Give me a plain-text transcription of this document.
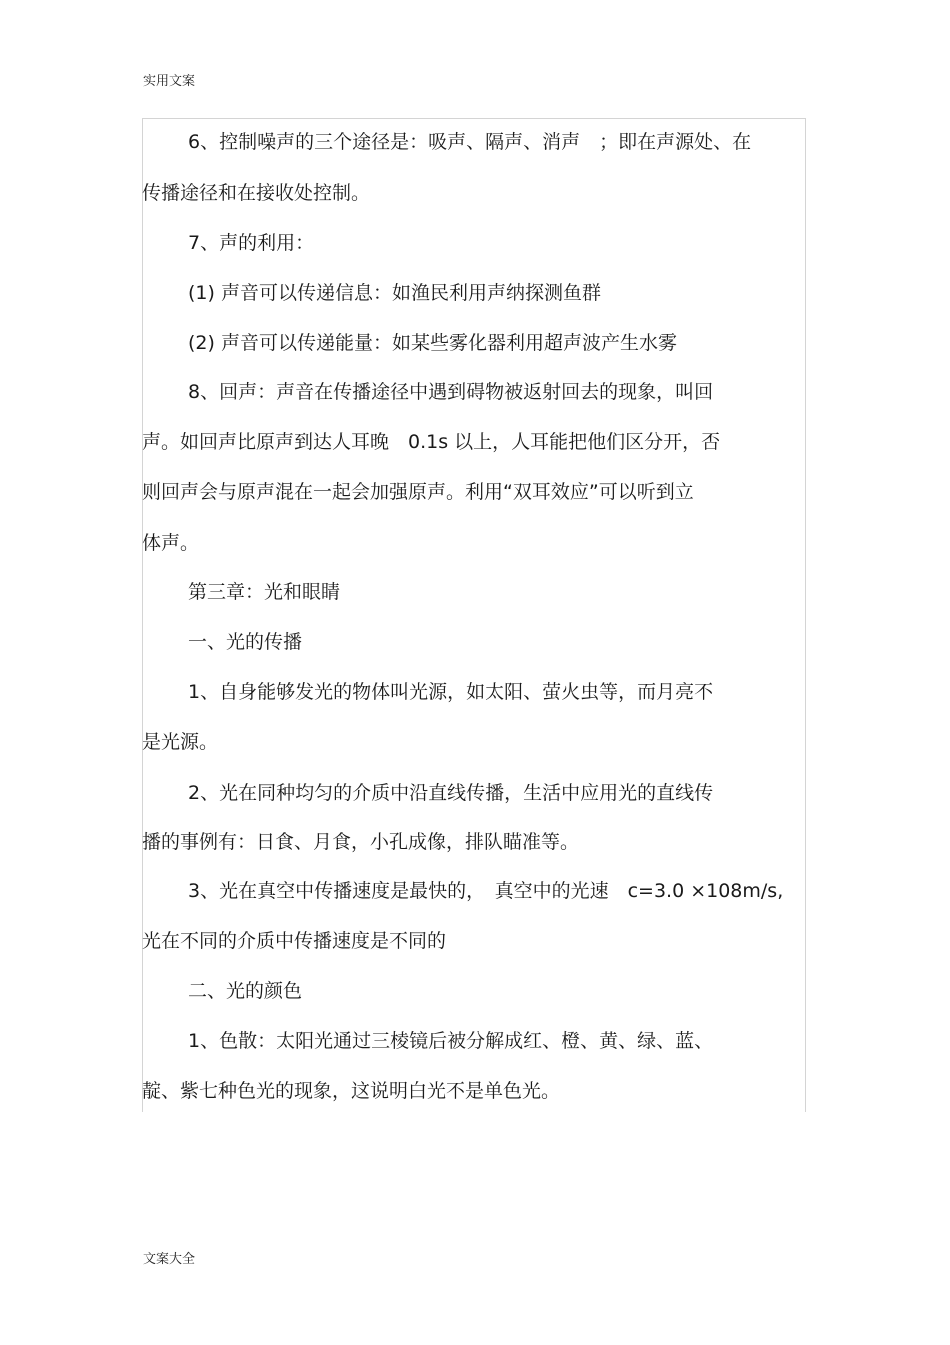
实用文案
6、控制噪声的三个途径是：吸声、隔声、消声　；即在声源处、在
传播途径和在接收处控制。
7、声的利用：
(1) 声音可以传递信息：如渔民利用声纳探测鱼群
(2) 声音可以传递能量：如某些雾化器利用超声波产生水雾
8、回声：声音在传播途径中遇到碍物被返射回去的现象，叫回
声。如回声比原声到达人耳晚　0.1s 以上，人耳能把他们区分开，否
则回声会与原声混在一起会加强原声。利用“双耳效应”可以听到立
体声。
第三章：光和眼睛
一、光的传播
1、自身能够发光的物体叫光源，如太阳、萤火虫等，而月亮不
是光源。
2、光在同种均匀的介质中沿直线传播，生活中应用光的直线传
播的事例有：日食、月食，小孔成像，排队瞄准等。
3、光在真空中传播速度是最快的，　真空中的光速　c=3.0 ×108m/s,
光在不同的介质中传播速度是不同的
二、光的颜色
1、色散：太阳光通过三棱镜后被分解成红、橙、黄、绿、蓝、
靛、紫七种色光的现象，这说明白光不是单色光。
文案大全
